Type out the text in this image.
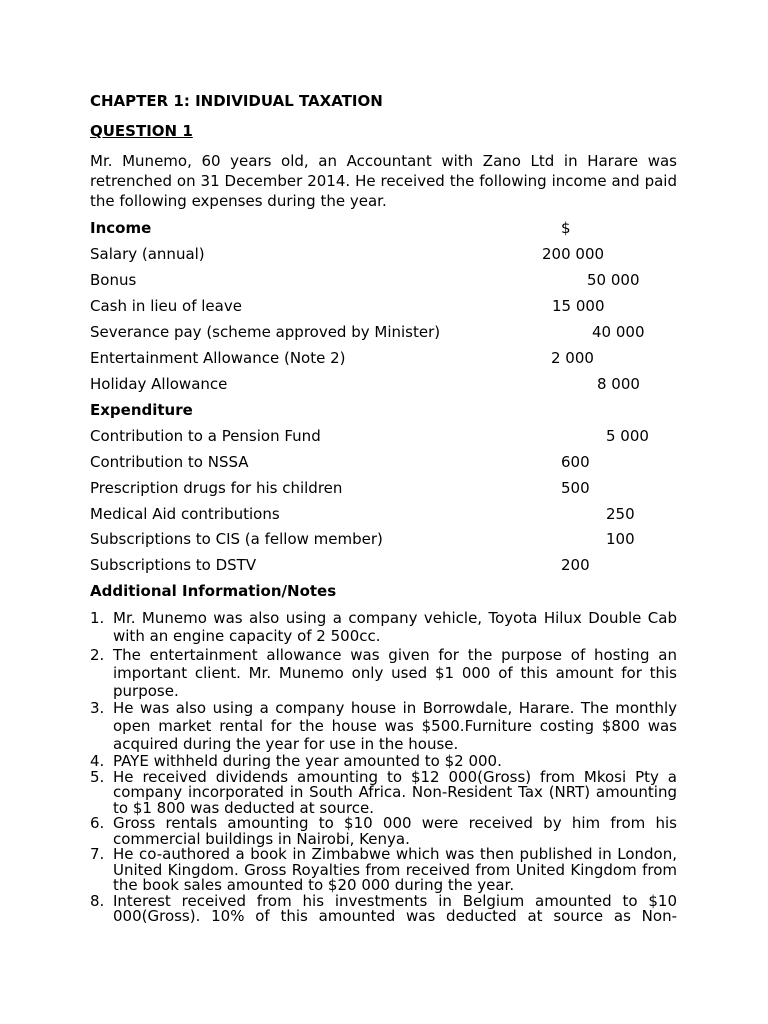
CHAPTER 1: INDIVIDUAL TAXATION
QUESTION 1
Mr. Munemo, 60 years old, an Accountant with Zano Ltd in Harare was retrenched on 31 December 2014. He received the following income and paid the following expenses during the year.
Income	$
Salary (annual)	200 000
Bonus	50 000
Cash in lieu of leave	15 000
Severance pay (scheme approved by Minister)	40 000
Entertainment Allowance (Note 2)	2 000
Holiday Allowance	8 000
Expenditure
Contribution to a Pension Fund	5 000
Contribution to NSSA	600
Prescription drugs for his children	500
Medical Aid contributions	250
Subscriptions to CIS (a fellow member)	100
Subscriptions to DSTV	200
Additional Information/Notes
1. Mr. Munemo was also using a company vehicle, Toyota Hilux Double Cab with an engine capacity of 2 500cc.
2. The entertainment allowance was given for the purpose of hosting an important client. Mr. Munemo only used $1 000 of this amount for this purpose.
3. He was also using a company house in Borrowdale, Harare. The monthly open market rental for the house was $500.Furniture costing $800 was acquired during the year for use in the house.
4. PAYE withheld during the year amounted to $2 000.
5. He received dividends amounting to $12 000(Gross) from Mkosi Pty a company incorporated in South Africa. Non-Resident Tax (NRT) amounting to $1 800 was deducted at source.
6. Gross rentals amounting to $10 000 were received by him from his commercial buildings in Nairobi, Kenya.
7. He co-authored a book in Zimbabwe which was then published in London, United Kingdom. Gross Royalties from received from United Kingdom from the book sales amounted to $20 000 during the year.
8. Interest received from his investments in Belgium amounted to $10 000(Gross). 10% of this amounted was deducted at source as Non-
